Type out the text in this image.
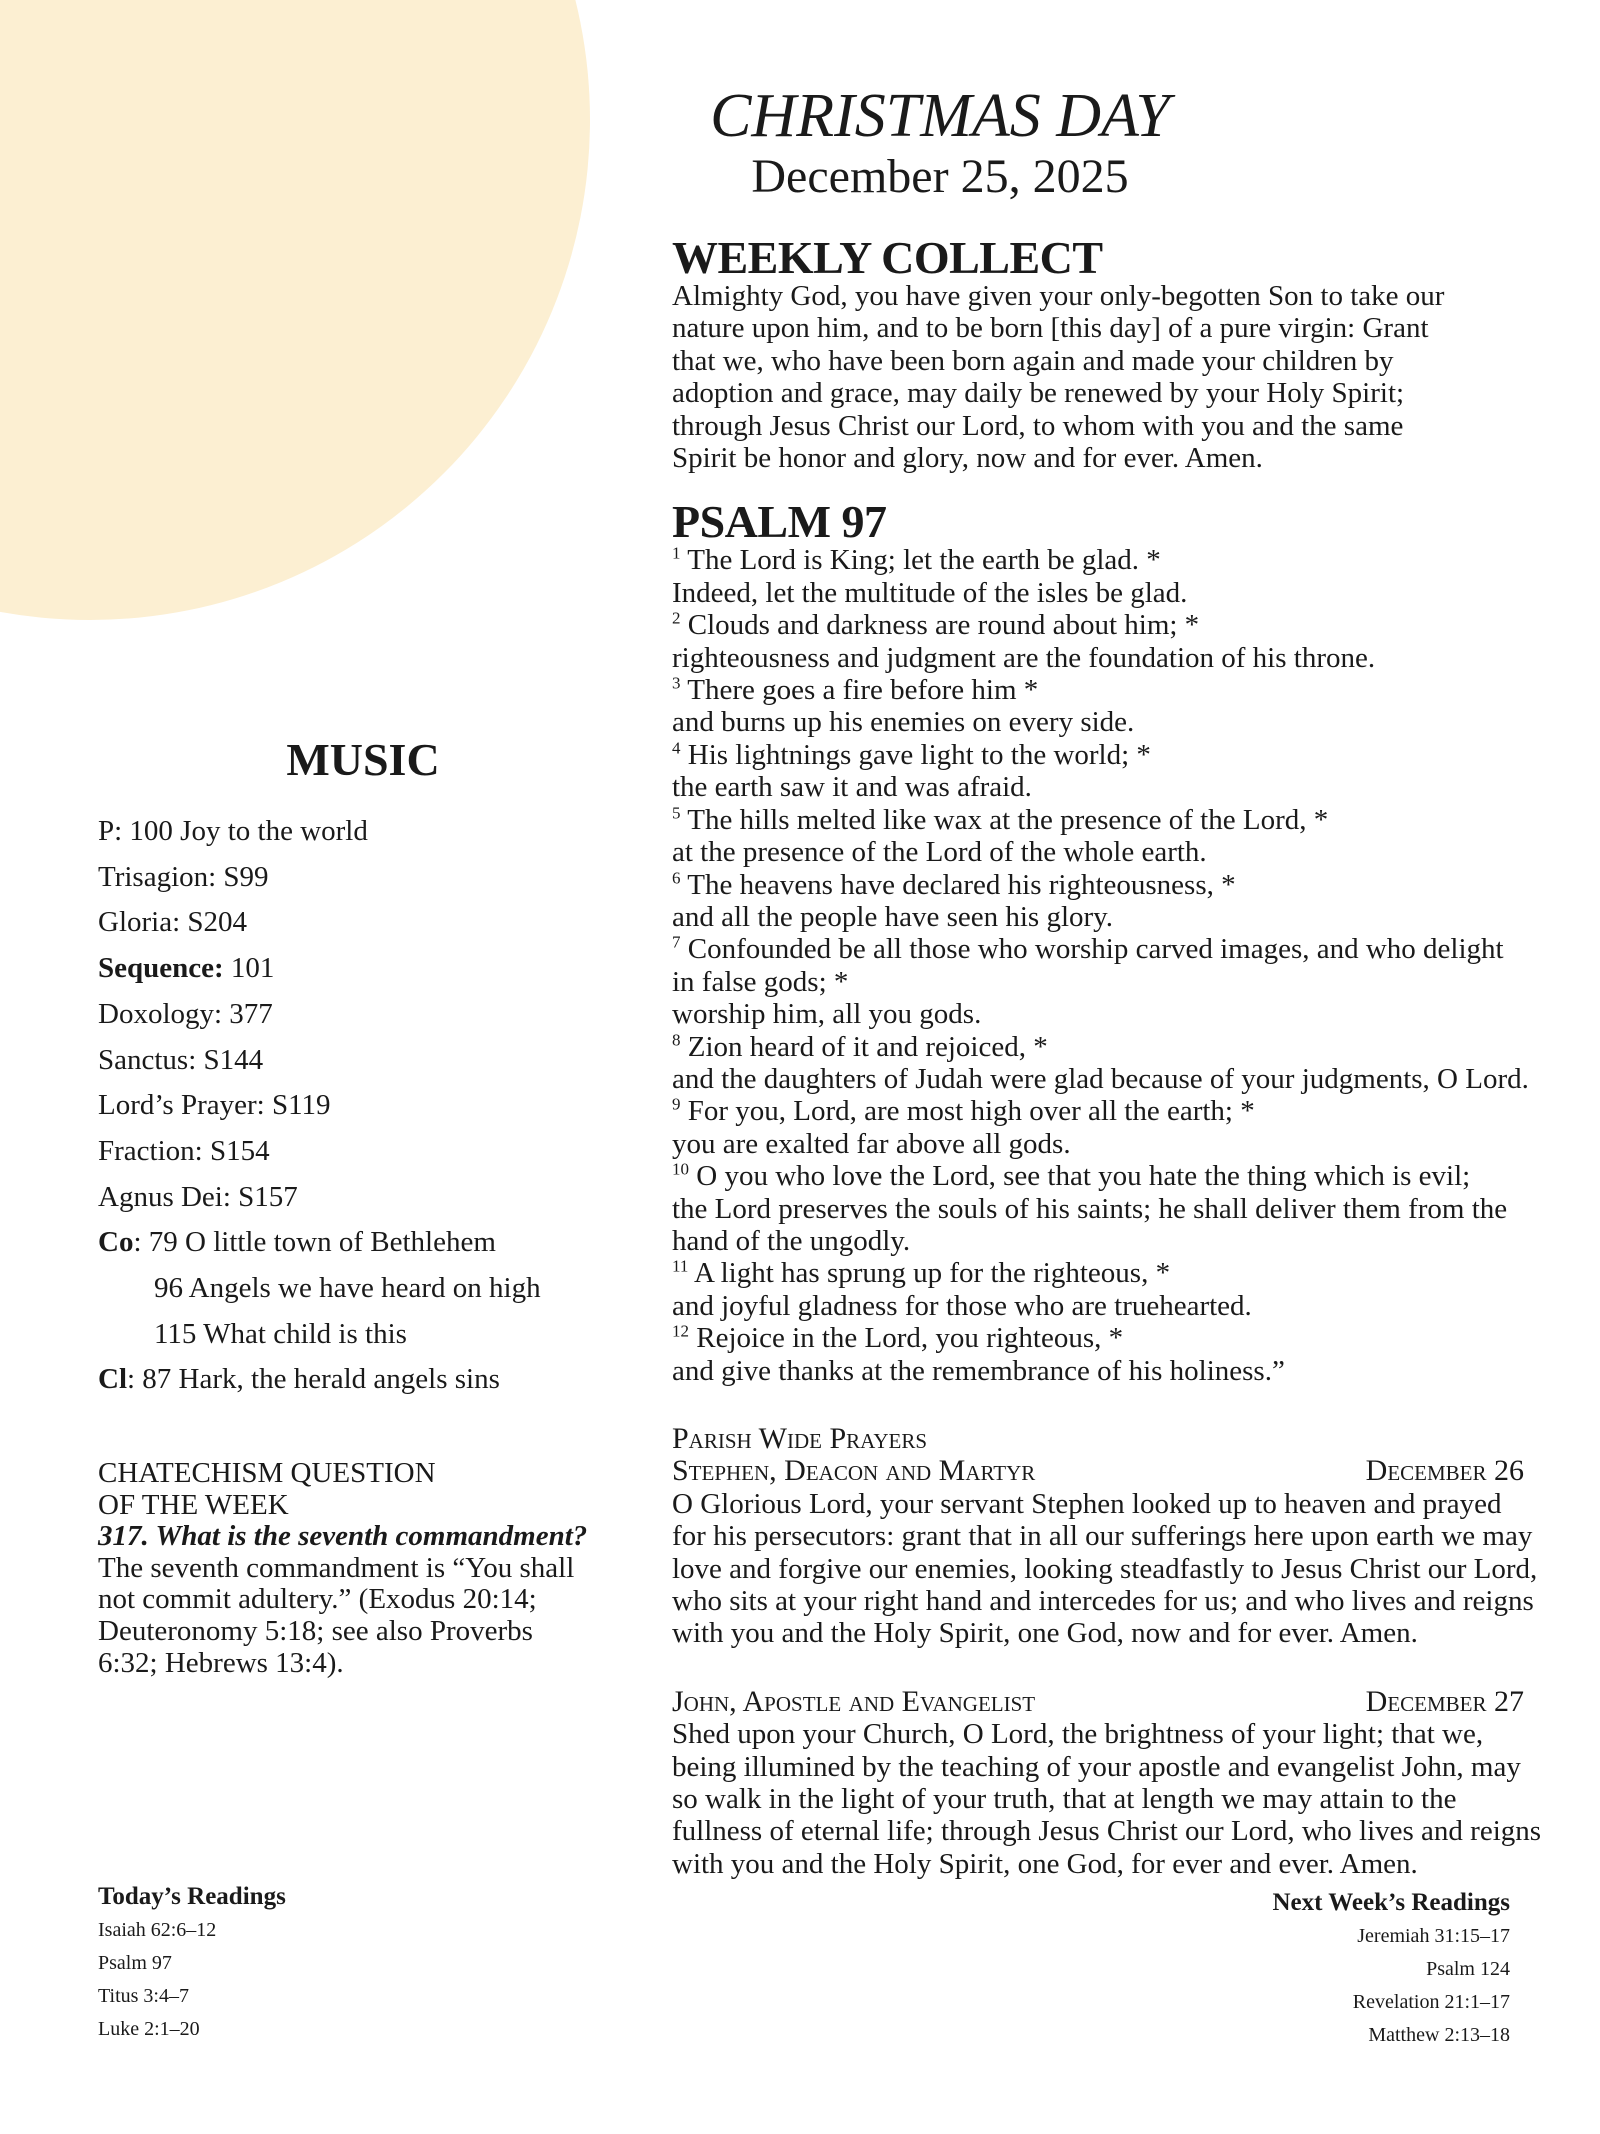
CHRISTMAS DAY
December 25, 2025
WEEKLY COLLECT
Almighty God, you have given your only-begotten Son to take our
nature upon him, and to be born [this day] of a pure virgin: Grant
that we, who have been born again and made your children by
adoption and grace, may daily be renewed by your Holy Spirit;
through Jesus Christ our Lord, to whom with you and the same
Spirit be honor and glory, now and for ever. Amen.
PSALM 97
$^1$ The Lord is King; let the earth be glad. *
Indeed, let the multitude of the isles be glad.
$^2$ Clouds and darkness are round about him; *
righteousness and judgment are the foundation of his throne.
$^3$ There goes a fire before him *
and burns up his enemies on every side.
$^4$ His lightnings gave light to the world; *
the earth saw it and was afraid.
$^5$ The hills melted like wax at the presence of the Lord, *
at the presence of the Lord of the whole earth.
$^6$ The heavens have declared his righteousness, *
and all the people have seen his glory.
$^7$ Confounded be all those who worship carved images, and who delight
in false gods; *
worship him, all you gods.
$^8$ Zion heard of it and rejoiced, *
and the daughters of Judah were glad because of your judgments, O Lord.
$^9$ For you, Lord, are most high over all the earth; *
you are exalted far above all gods.
$^{10}$ O you who love the Lord, see that you hate the thing which is evil;
the Lord preserves the souls of his saints; he shall deliver them from the
hand of the ungodly.
$^{11}$ A light has sprung up for the righteous, *
and joyful gladness for those who are truehearted.
$^{12}$ Rejoice in the Lord, you righteous, *
and give thanks at the remembrance of his holiness.”
Parish Wide Prayers
Stephen, Deacon and Martyr	December 26
O Glorious Lord, your servant Stephen looked up to heaven and prayed
for his persecutors: grant that in all our sufferings here upon earth we may
love and forgive our enemies, looking steadfastly to Jesus Christ our Lord,
who sits at your right hand and intercedes for us; and who lives and reigns
with you and the Holy Spirit, one God, now and for ever. Amen.
John, Apostle and Evangelist	December 27
Shed upon your Church, O Lord, the brightness of your light; that we,
being illumined by the teaching of your apostle and evangelist John, may
so walk in the light of your truth, that at length we may attain to the
fullness of eternal life; through Jesus Christ our Lord, who lives and reigns
with you and the Holy Spirit, one God, for ever and ever. Amen.
MUSIC
P: 100 Joy to the world
Trisagion: S99
Gloria: S204
Sequence: 101
Doxology: 377
Sanctus: S144
Lord’s Prayer: S119
Fraction: S154
Agnus Dei: S157
Co: 79 O little town of Bethlehem
96 Angels we have heard on high
115 What child is this
Cl: 87 Hark, the herald angels sins
CHATECHISM QUESTION
OF THE WEEK
317. What is the seventh commandment?
The seventh commandment is “You shall
not commit adultery.” (Exodus 20:14;
Deuteronomy 5:18; see also Proverbs
6:32; Hebrews 13:4).
Today’s Readings
Isaiah 62:6–12
Psalm 97
Titus 3:4–7
Luke 2:1–20
Next Week’s Readings
Jeremiah 31:15–17
Psalm 124
Revelation 21:1–17
Matthew 2:13–18
